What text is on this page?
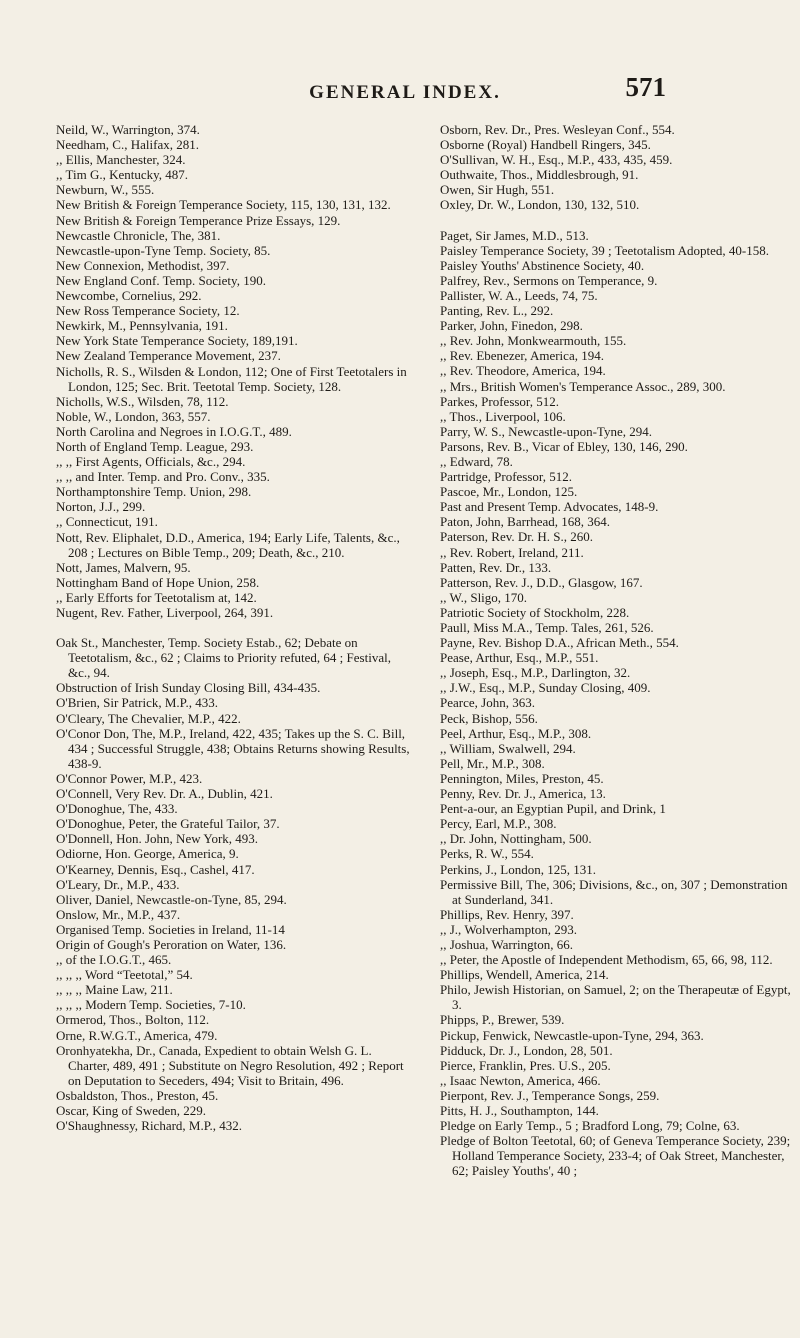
GENERAL INDEX.	571
Neild, W., Warrington, 374.
Needham, C., Halifax, 281.
,, Ellis, Manchester, 324.
,, Tim G., Kentucky, 487.
Newburn, W., 555.
New British & Foreign Temperance Society, 115, 130, 131, 132.
New British & Foreign Temperance Prize Essays, 129.
Newcastle Chronicle, The, 381.
Newcastle-upon-Tyne Temp. Society, 85.
New Connexion, Methodist, 397.
New England Conf. Temp. Society, 190.
Newcombe, Cornelius, 292.
New Ross Temperance Society, 12.
Newkirk, M., Pennsylvania, 191.
New York State Temperance Society, 189,191.
New Zealand Temperance Movement, 237.
Nicholls, R. S., Wilsden & London, 112; One of First Teetotalers in London, 125; Sec. Brit. Teetotal Temp. Society, 128.
Nicholls, W.S., Wilsden, 78, 112.
Noble, W., London, 363, 557.
North Carolina and Negroes in I.O.G.T., 489.
North of England Temp. League, 293.
,, ,, First Agents, Officials, &c., 294.
,, ,, and Inter. Temp. and Pro. Conv., 335.
Northamptonshire Temp. Union, 298.
Norton, J.J., 299.
,, Connecticut, 191.
Nott, Rev. Eliphalet, D.D., America, 194; Early Life, Talents, &c., 208 ; Lectures on Bible Temp., 209; Death, &c., 210.
Nott, James, Malvern, 95.
Nottingham Band of Hope Union, 258.
,, Early Efforts for Teetotalism at, 142.
Nugent, Rev. Father, Liverpool, 264, 391.
Oak St., Manchester, Temp. Society Estab., 62; Debate on Teetotalism, &c., 62 ; Claims to Priority refuted, 64 ; Festival, &c., 94.
Obstruction of Irish Sunday Closing Bill, 434-435.
O'Brien, Sir Patrick, M.P., 433.
O'Cleary, The Chevalier, M.P., 422.
O'Conor Don, The, M.P., Ireland, 422, 435; Takes up the S. C. Bill, 434 ; Successful Struggle, 438; Obtains Returns showing Results, 438-9.
O'Connor Power, M.P., 423.
O'Connell, Very Rev. Dr. A., Dublin, 421.
O'Donoghue, The, 433.
O'Donoghue, Peter, the Grateful Tailor, 37.
O'Donnell, Hon. John, New York, 493.
Odiorne, Hon. George, America, 9.
O'Kearney, Dennis, Esq., Cashel, 417.
O'Leary, Dr., M.P., 433.
Oliver, Daniel, Newcastle-on-Tyne, 85, 294.
Onslow, Mr., M.P., 437.
Organised Temp. Societies in Ireland, 11-14
Origin of Gough's Peroration on Water, 136.
,, of the I.O.G.T., 465.
,, ,, ,, Word “Teetotal,” 54.
,, ,, ,, Maine Law, 211.
,, ,, ,, Modern Temp. Societies, 7-10.
Ormerod, Thos., Bolton, 112.
Orne, R.W.G.T., America, 479.
Oronhyatekha, Dr., Canada, Expedient to obtain Welsh G. L. Charter, 489, 491 ; Substitute on Negro Resolution, 492 ; Report on Deputation to Seceders, 494; Visit to Britain, 496.
Osbaldston, Thos., Preston, 45.
Oscar, King of Sweden, 229.
O'Shaughnessy, Richard, M.P., 432.
Osborn, Rev. Dr., Pres. Wesleyan Conf., 554.
Osborne (Royal) Handbell Ringers, 345.
O'Sullivan, W. H., Esq., M.P., 433, 435, 459.
Outhwaite, Thos., Middlesbrough, 91.
Owen, Sir Hugh, 551.
Oxley, Dr. W., London, 130, 132, 510.
Paget, Sir James, M.D., 513.
Paisley Temperance Society, 39 ; Teetotalism Adopted, 40-158.
Paisley Youths' Abstinence Society, 40.
Palfrey, Rev., Sermons on Temperance, 9.
Pallister, W. A., Leeds, 74, 75.
Panting, Rev. L., 292.
Parker, John, Finedon, 298.
,, Rev. John, Monkwearmouth, 155.
,, Rev. Ebenezer, America, 194.
,, Rev. Theodore, America, 194.
,, Mrs., British Women's Temperance Assoc., 289, 300.
Parkes, Professor, 512.
,, Thos., Liverpool, 106.
Parry, W. S., Newcastle-upon-Tyne, 294.
Parsons, Rev. B., Vicar of Ebley, 130, 146, 290.
,, Edward, 78.
Partridge, Professor, 512.
Pascoe, Mr., London, 125.
Past and Present Temp. Advocates, 148-9.
Paton, John, Barrhead, 168, 364.
Paterson, Rev. Dr. H. S., 260.
,, Rev. Robert, Ireland, 211.
Patten, Rev. Dr., 133.
Patterson, Rev. J., D.D., Glasgow, 167.
,, W., Sligo, 170.
Patriotic Society of Stockholm, 228.
Paull, Miss M.A., Temp. Tales, 261, 526.
Payne, Rev. Bishop D.A., African Meth., 554.
Pease, Arthur, Esq., M.P., 551.
,, Joseph, Esq., M.P., Darlington, 32.
,, J.W., Esq., M.P., Sunday Closing, 409.
Pearce, John, 363.
Peck, Bishop, 556.
Peel, Arthur, Esq., M.P., 308.
,, William, Swalwell, 294.
Pell, Mr., M.P., 308.
Pennington, Miles, Preston, 45.
Penny, Rev. Dr. J., America, 13.
Pent-a-our, an Egyptian Pupil, and Drink, 1
Percy, Earl, M.P., 308.
,, Dr. John, Nottingham, 500.
Perks, R. W., 554.
Perkins, J., London, 125, 131.
Permissive Bill, The, 306; Divisions, &c., on, 307 ; Demonstration at Sunderland, 341.
Phillips, Rev. Henry, 397.
,, J., Wolverhampton, 293.
,, Joshua, Warrington, 66.
,, Peter, the Apostle of Independent Methodism, 65, 66, 98, 112.
Phillips, Wendell, America, 214.
Philo, Jewish Historian, on Samuel, 2; on the Therapeutæ of Egypt, 3.
Phipps, P., Brewer, 539.
Pickup, Fenwick, Newcastle-upon-Tyne, 294, 363.
Pidduck, Dr. J., London, 28, 501.
Pierce, Franklin, Pres. U.S., 205.
,, Isaac Newton, America, 466.
Pierpont, Rev. J., Temperance Songs, 259.
Pitts, H. J., Southampton, 144.
Pledge on Early Temp., 5 ; Bradford Long, 79; Colne, 63.
Pledge of Bolton Teetotal, 60; of Geneva Temperance Society, 239; Holland Temperance Society, 233-4; of Oak Street, Manchester, 62; Paisley Youths', 40 ;
